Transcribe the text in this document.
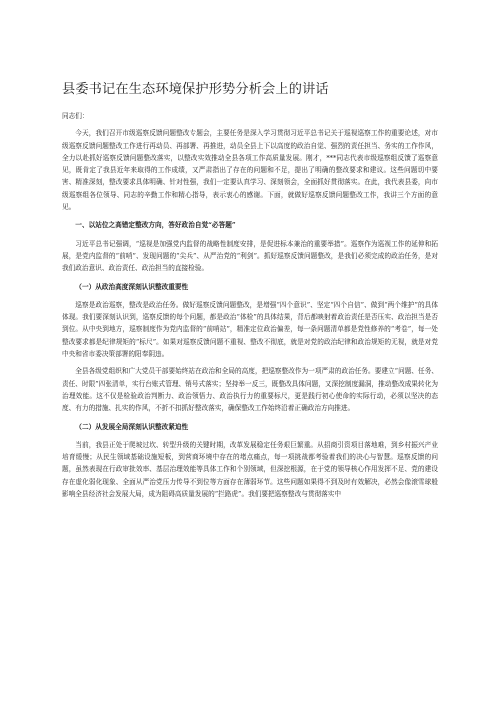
县委书记在生态环境保护形势分析会上的讲话

同志们：

今天，我们召开市级巡察反馈问题整改专题会，主要任务是深入学习贯彻习近平总书记关于巡视巡察工作的重要论述，对市级巡察反馈问题整改工作进行再动员、再部署、再推进，动员全县上下以高度的政治自觉、强烈的责任担当、务实的工作作风，全力以赴抓好巡察反馈问题整改落实，以整改实效推动全县各项工作高质量发展。刚才，***同志代表市级巡察组反馈了巡察意见，既肯定了我县近年来取得的工作成绩，又严肃指出了存在的问题和不足，提出了明确的整改要求和建议。这些问题切中要害、精准深刻，整改要求具体明确、针对性强，我们一定要认真学习、深刻领会，全面抓好贯彻落实。在此，我代表县委，向市级巡察组各位领导、同志的辛勤工作和精心指导，表示衷心的感谢。下面，就做好巡察反馈问题整改工作，我讲三个方面的意见。

一、以站位之高错定整改方向，答好政治自觉“必答题”

习近平总书记强调，“巡视是加强党内监督的战略性制度安排，是促进标本兼治的重要举措”。巡察作为巡视工作的延伸和拓展，是党内监督的“前哨”、发现问题的“尖兵”、从严治党的“利剑”。抓好巡察反馈问题整改，是我们必须完成的政治任务，是对我们政治意识、政治责任、政治担当的直接检验。

（一）从政治高度深刻认识整改重要性

巡察是政治巡察，整改是政治任务。做好巡察反馈问题整改，是增强“四个意识”、坚定“四个自信”、做到“两个维护”的具体体现。我们要深刻认识到，巡察反馈的每个问题，都是政治“体检”的具体结果，背后都映射着政治责任是否压实、政治担当是否到位。从中央到地方，巡察制度作为党内监督的“前哨站”，精准定位政治偏差，每一条问题清单都是党性修养的“考卷”，每一处整改要求都是纪律规矩的“标尺”。如果对巡察反馈问题不重视、整改不彻底，就是对党的政治纪律和政治规矩的无视，就是对党中央和省市委决策部署的阳奉阴违。

全县各级党组织和广大党员干部要始终站在政治和全局的高度，把巡察整改作为一项严肃的政治任务。要建立“问题、任务、责任、时限”四张清单，实行台账式管理、销号式落实；坚持举一反三，既整改具体问题，又深挖制度漏洞，推动整改成果转化为治理效能。这不仅是检验政治判断力、政治领悟力、政治执行力的重要标尺，更是践行初心使命的实际行动，必须以坚决的态度、有力的措施、扎实的作风，不折不扣抓好整改落实，确保整改工作始终沿着正确政治方向推进。

（二）从发展全局深刻认识整改紧迫性

当前，我县正处于爬坡过坎、转型升级的关键时期，改革发展稳定任务艰巨繁重。从招商引资项目落地难，到乡村振兴产业培育缓慢；从民生领域基础设施短板，到营商环境中存在的堵点痛点，每一项挑战都考验着我们的决心与智慧。巡察反馈的问题，虽然表现在行政审批效率、基层治理效能等具体工作和个别领域，但深挖根源，在于党的领导核心作用发挥不足、党的建设存在虚化弱化现象、全面从严治党压力传导不到位等方面存在薄弱环节。这些问题如果得不到及时有效解决，必然会像滚雪球般影响全县经济社会发展大局，成为阻碍高质量发展的“拦路虎”。我们要把巡察整改与贯彻落实中
